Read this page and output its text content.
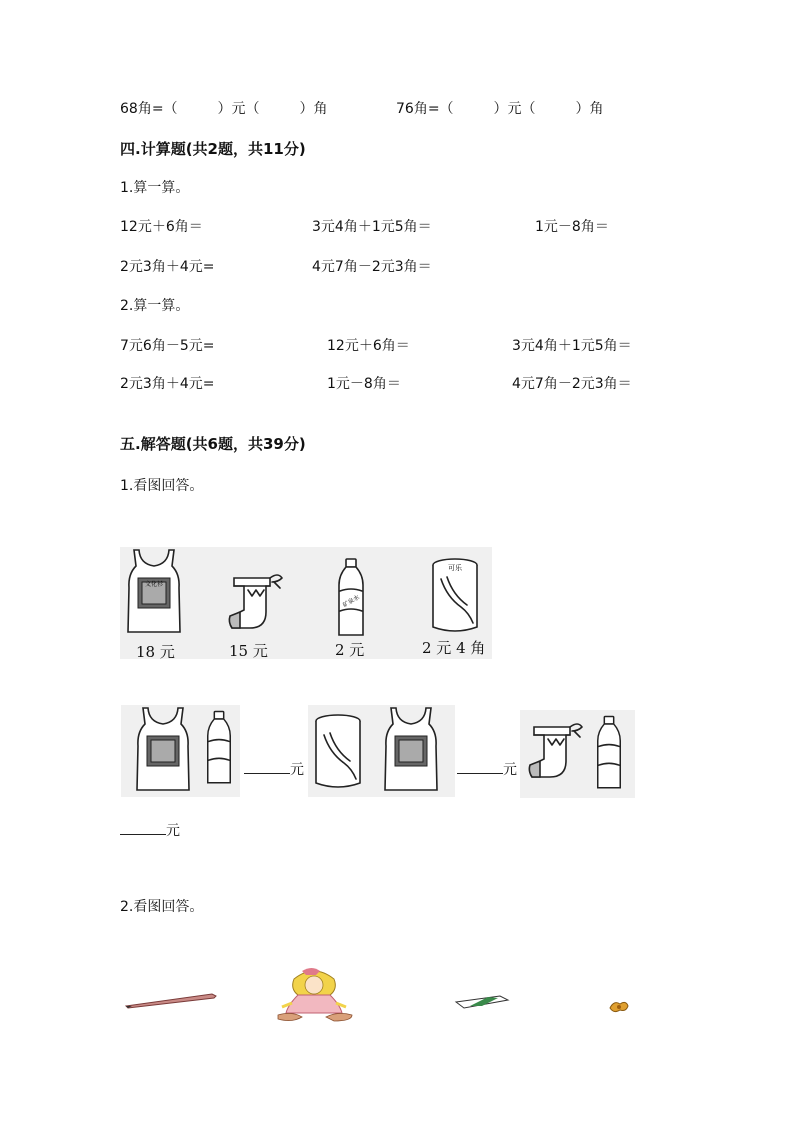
68角=（	）元（	）角	76角=（	）元（	）角
四.计算题(共2题，共11分)
1.算一算。
12元＋6角＝	3元4角＋1元5角＝	1元－8角＝
2元3角＋4元=	4元7角－2元3角＝
2.算一算。
7元6角－5元=	12元＋6角＝	3元4角＋1元5角＝
2元3角＋4元=	1元－8角＝	4元7角－2元3角＝
五.解答题(共6题，共39分)
1.看图回答。
文化衫
矿泉水
可乐
18 元	15 元	2 元	2 元 4 角
元	元
元
2.看图回答。
